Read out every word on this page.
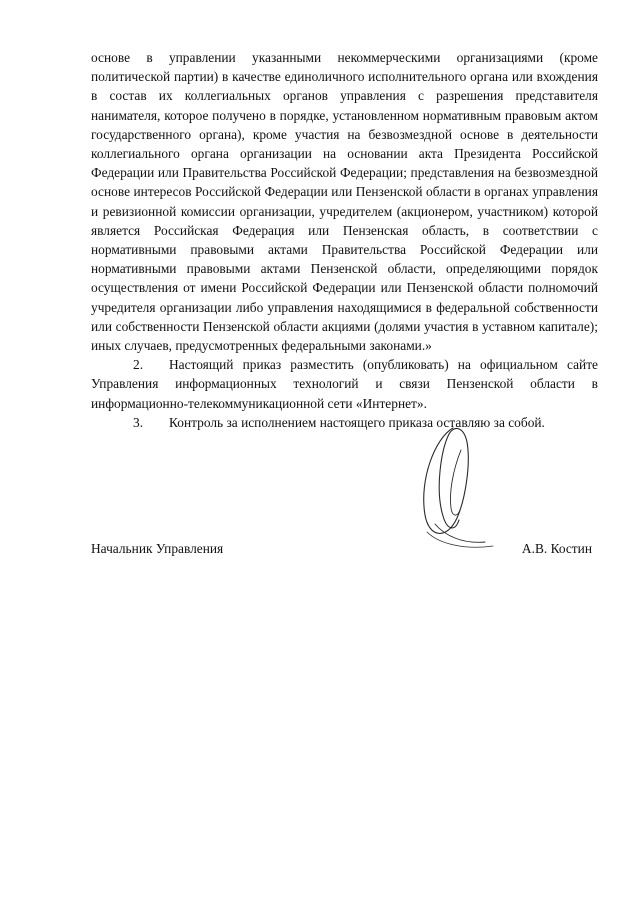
основе в управлении указанными некоммерческими организациями (кроме политической партии) в качестве единоличного исполнительного органа или вхождения в состав их коллегиальных органов управления с разрешения представителя нанимателя, которое получено в порядке, установленном нормативным правовым актом государственного органа), кроме участия на безвозмездной основе в деятельности коллегиального органа организации на основании акта Президента Российской Федерации или Правительства Российской Федерации; представления на безвозмездной основе интересов Российской Федерации или Пензенской области в органах управления и ревизионной комиссии организации, учредителем (акционером, участником) которой является Российская Федерация или Пензенская область, в соответствии с нормативными правовыми актами Правительства Российской Федерации или нормативными правовыми актами Пензенской области, определяющими порядок осуществления от имени Российской Федерации или Пензенской области полномочий учредителя организации либо управления находящимися в федеральной собственности или собственности Пензенской области акциями (долями участия в уставном капитале); иных случаев, предусмотренных федеральными законами.»

2. Настоящий приказ разместить (опубликовать) на официальном сайте Управления информационных технологий и связи Пензенской области в информационно-телекоммуникационной сети «Интернет».

3. Контроль за исполнением настоящего приказа оставляю за собой.

Начальник Управления	А.В. Костин
